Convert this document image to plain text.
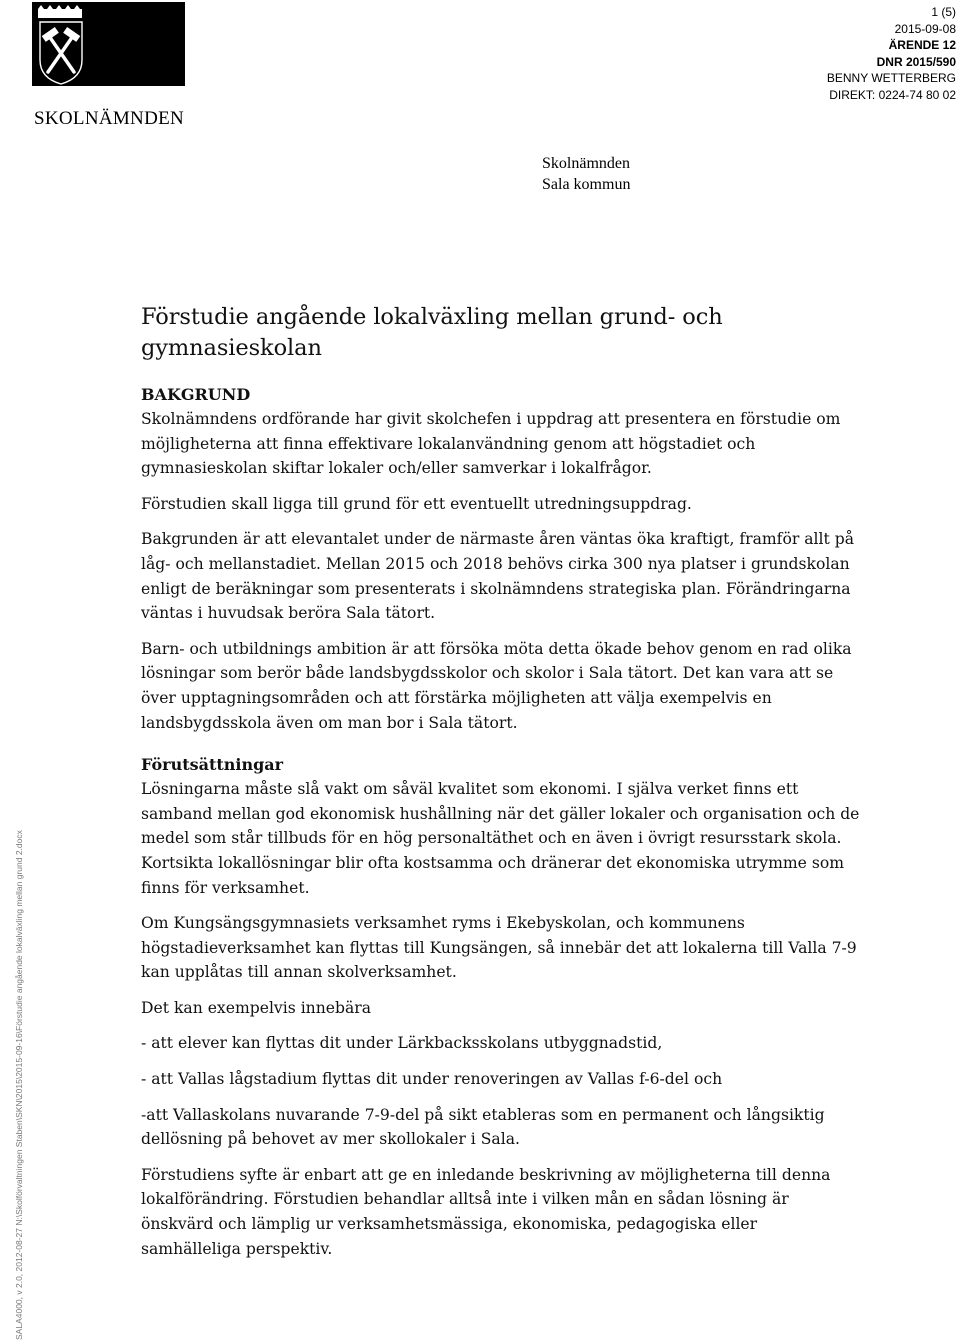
SKOLNÄMNDEN
1 (5)
2015-09-08
ÄRENDE 12
DNR 2015/590
BENNY WETTERBERG
DIREKT: 0224-74 80 02
Skolnämnden
Sala kommun
Förstudie angående lokalväxling mellan grund- och gymnasieskolan
BAKGRUND

Skolnämndens ordförande har givit skolchefen i uppdrag att presentera en förstudie om möjligheterna att finna effektivare lokalanvändning genom att högstadiet och gymnasieskolan skiftar lokaler och/eller samverkar i lokalfrågor.

Förstudien skall ligga till grund för ett eventuellt utredningsuppdrag.

Bakgrunden är att elevantalet under de närmaste åren väntas öka kraftigt, framför allt på låg- och mellanstadiet. Mellan 2015 och 2018 behövs cirka 300 nya platser i grundskolan enligt de beräkningar som presenterats i skolnämndens strategiska plan. Förändringarna väntas i huvudsak beröra Sala tätort.

Barn- och utbildnings ambition är att försöka möta detta ökade behov genom en rad olika lösningar som berör både landsbygdsskolor och skolor i Sala tätort. Det kan vara att se över upptagningsområden och att förstärka möjligheten att välja exempelvis en landsbygdsskola även om man bor i Sala tätort.

Förutsättningar

Lösningarna måste slå vakt om såväl kvalitet som ekonomi. I själva verket finns ett samband mellan god ekonomisk hushållning när det gäller lokaler och organisation och de medel som står tillbuds för en hög personaltäthet och en även i övrigt resursstark skola. Kortsikta lokallösningar blir ofta kostsamma och dränerar det ekonomiska utrymme som finns för verksamhet.

Om Kungsängsgymnasiets verksamhet ryms i Ekebyskolan, och kommunens högstadieverksamhet kan flyttas till Kungsängen, så innebär det att lokalerna till Valla 7-9 kan upplåtas till annan skolverksamhet.

Det kan exempelvis innebära

- att elever kan flyttas dit under Lärkbacksskolans utbyggnadstid,

- att Vallas lågstadium flyttas dit under renoveringen av Vallas f-6-del och

-att Vallaskolans nuvarande 7-9-del på sikt etableras som en permanent och långsiktig dellösning på behovet av mer skollokaler i Sala.

Förstudiens syfte är enbart att ge en inledande beskrivning av möjligheterna till denna lokalförändring. Förstudien behandlar alltså inte i vilken mån en sådan lösning är önskvärd och lämplig ur verksamhetsmässiga, ekonomiska, pedagogiska eller samhälleliga perspektiv.

SALA4000, v 2.0, 2012-08-27 N:\Skolförvaltningen Staben\SKN\2015\2015-09-16\Förstudie angående lokalväxling mellan grund 2.docx
